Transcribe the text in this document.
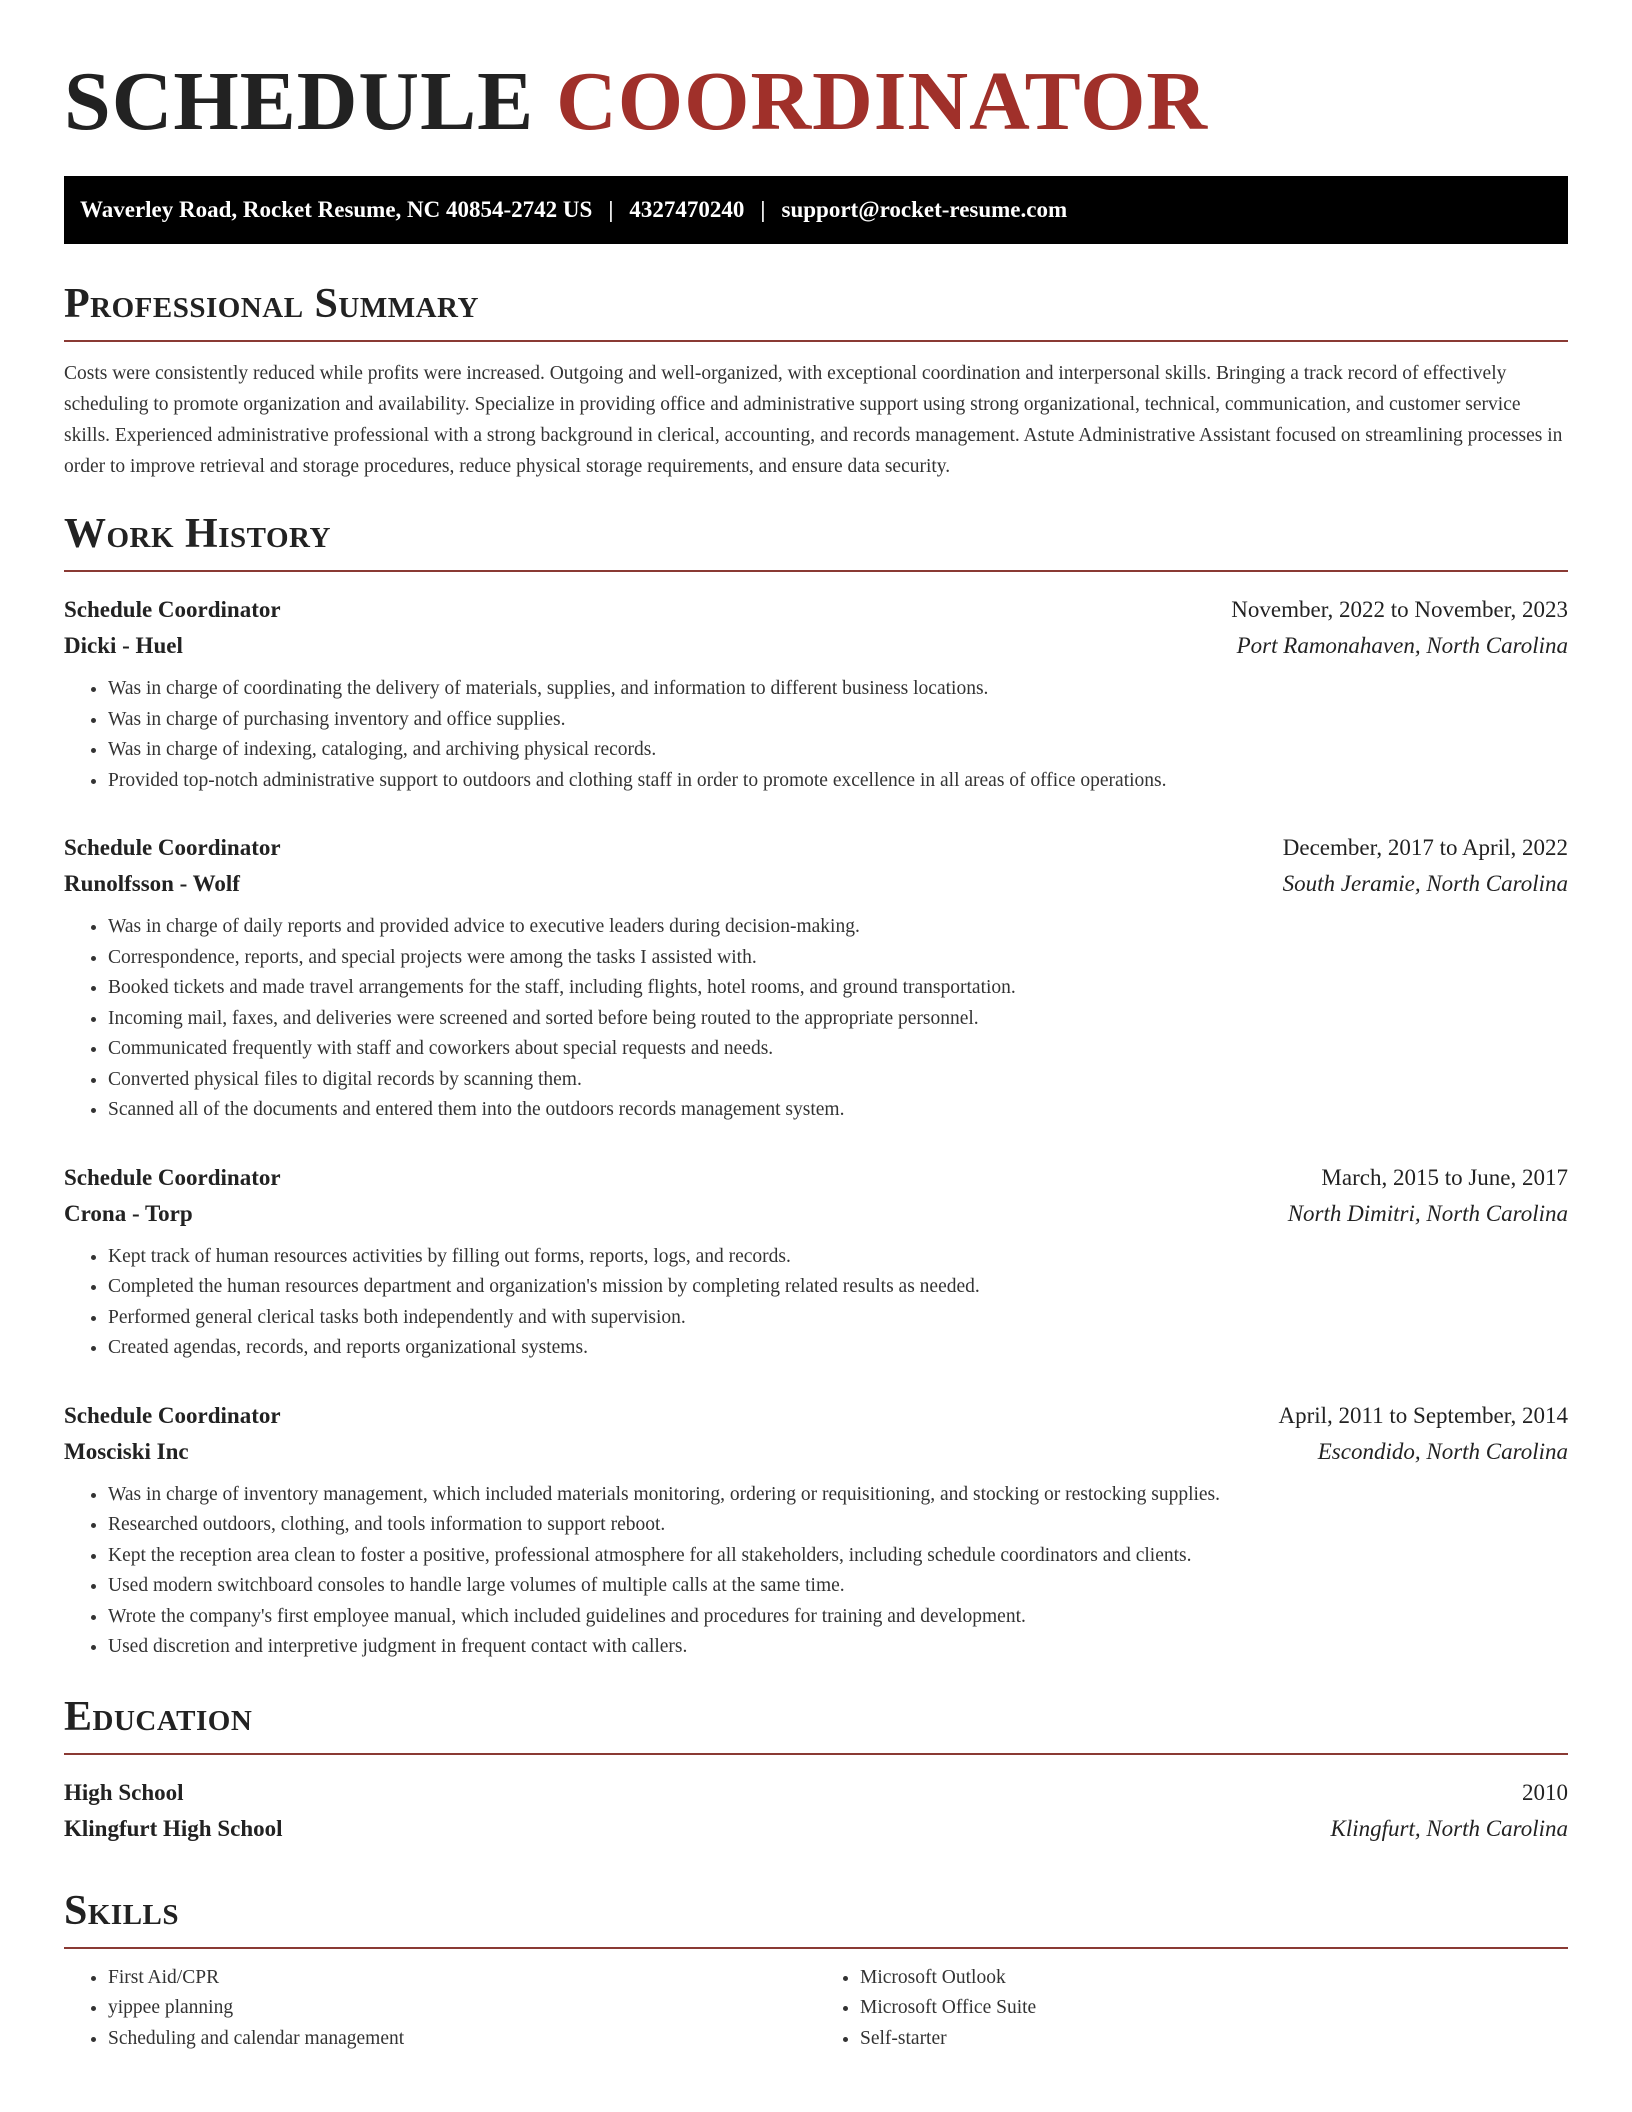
SCHEDULE COORDINATOR
Waverley Road, Rocket Resume, NC 40854-2742 US | 4327470240 | support@rocket-resume.com
Professional Summary

Costs were consistently reduced while profits were increased. Outgoing and well-organized, with exceptional coordination and interpersonal skills. Bringing a track record of effectively scheduling to promote organization and availability. Specialize in providing office and administrative support using strong organizational, technical, communication, and customer service skills. Experienced administrative professional with a strong background in clerical, accounting, and records management. Astute Administrative Assistant focused on streamlining processes in order to improve retrieval and storage procedures, reduce physical storage requirements, and ensure data security.

Work History
Schedule Coordinator	November, 2022 to November, 2023
Dicki - Huel	Port Ramonahaven, North Carolina
• Was in charge of coordinating the delivery of materials, supplies, and information to different business locations.
• Was in charge of purchasing inventory and office supplies.
• Was in charge of indexing, cataloging, and archiving physical records.
• Provided top-notch administrative support to outdoors and clothing staff in order to promote excellence in all areas of office operations.
Schedule Coordinator	December, 2017 to April, 2022
Runolfsson - Wolf	South Jeramie, North Carolina
• Was in charge of daily reports and provided advice to executive leaders during decision-making.
• Correspondence, reports, and special projects were among the tasks I assisted with.
• Booked tickets and made travel arrangements for the staff, including flights, hotel rooms, and ground transportation.
• Incoming mail, faxes, and deliveries were screened and sorted before being routed to the appropriate personnel.
• Communicated frequently with staff and coworkers about special requests and needs.
• Converted physical files to digital records by scanning them.
• Scanned all of the documents and entered them into the outdoors records management system.
Schedule Coordinator	March, 2015 to June, 2017
Crona - Torp	North Dimitri, North Carolina
• Kept track of human resources activities by filling out forms, reports, logs, and records.
• Completed the human resources department and organization's mission by completing related results as needed.
• Performed general clerical tasks both independently and with supervision.
• Created agendas, records, and reports organizational systems.
Schedule Coordinator	April, 2011 to September, 2014
Mosciski Inc	Escondido, North Carolina
• Was in charge of inventory management, which included materials monitoring, ordering or requisitioning, and stocking or restocking supplies.
• Researched outdoors, clothing, and tools information to support reboot.
• Kept the reception area clean to foster a positive, professional atmosphere for all stakeholders, including schedule coordinators and clients.
• Used modern switchboard consoles to handle large volumes of multiple calls at the same time.
• Wrote the company's first employee manual, which included guidelines and procedures for training and development.
• Used discretion and interpretive judgment in frequent contact with callers.
Education
High School	2010
Klingfurt High School	Klingfurt, North Carolina
Skills
• First Aid/CPR
• yippee planning
• Scheduling and calendar management
• Microsoft Outlook
• Microsoft Office Suite
• Self-starter
